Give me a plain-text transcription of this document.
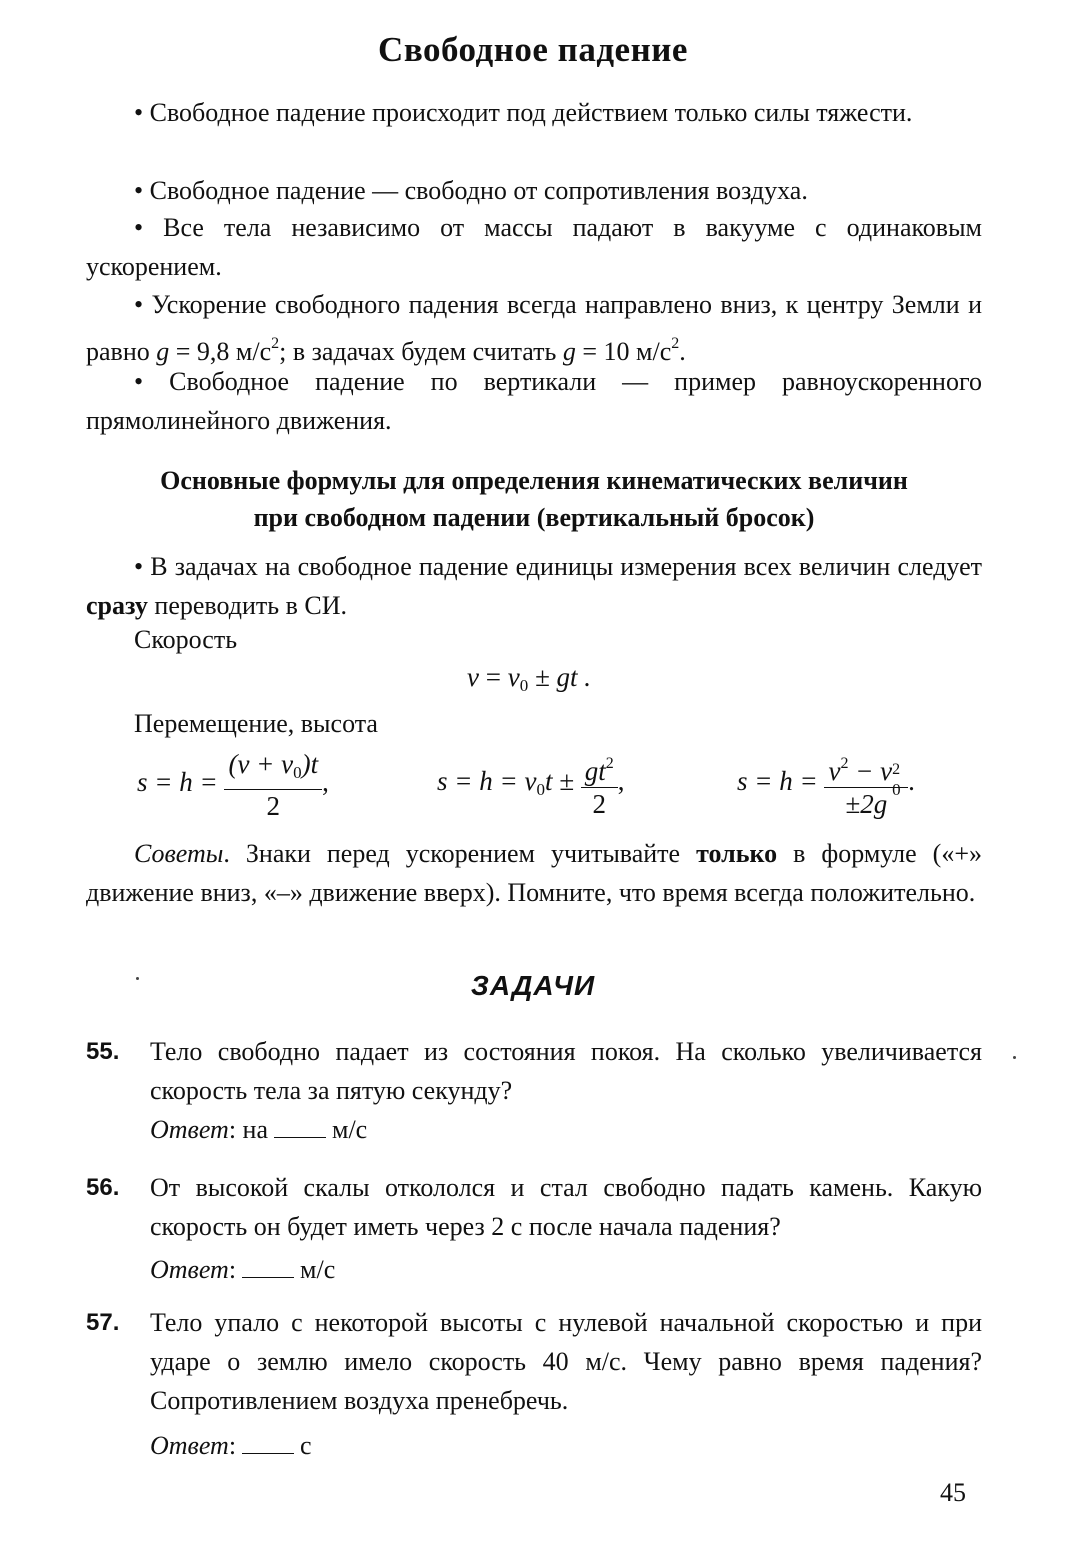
Свободное падение
• Свободное падение происходит под действием только силы тяжести.
• Свободное падение — свободно от сопротивления воздуха.
• Все тела независимо от массы падают в вакууме с одинаковым ускорением.
• Ускорение свободного падения всегда направлено вниз, к центру Земли и равно g = 9,8 $м/с^2$; в задачах будем считать g = 10 $м/с^2$.
• Свободное падение по вертикали — пример равноускоренного прямолинейного движения.
Основные формулы для определения кинематических величин
при свободном падении (вертикальный бросок)
• В задачах на свободное падение единицы измерения всех величин следует сразу переводить в СИ.
Скорость
$v = v_0$ ± gt .
Перемещение, высота
$s = h = \frac{(v + v_0)t}{2}$ ,	$s = h = v_0t \pm \frac{gt^2}{2}$ ,	$s = h = v^2 - v$ 2
0
±2g .
Советы. Знаки перед ускорением учитывайте только в формуле («+» движение вниз, «–» движение вверх). Помните, что время всегда положительно.
ЗАДАЧИ
55. Тело свободно падает из состояния покоя. На сколько увеличивается скорость тела за пятую секунду?
Ответ: на м/с
56. От высокой скалы откололся и стал свободно падать камень. Какую скорость он будет иметь через 2 с после начала падения?
Ответ: м/с
57. Тело упало с некоторой высоты с нулевой начальной скоростью и при ударе о землю имело скорость 40 м/с. Чему равно время падения? Сопротивлением воздуха пренебречь.
Ответ: с
45
